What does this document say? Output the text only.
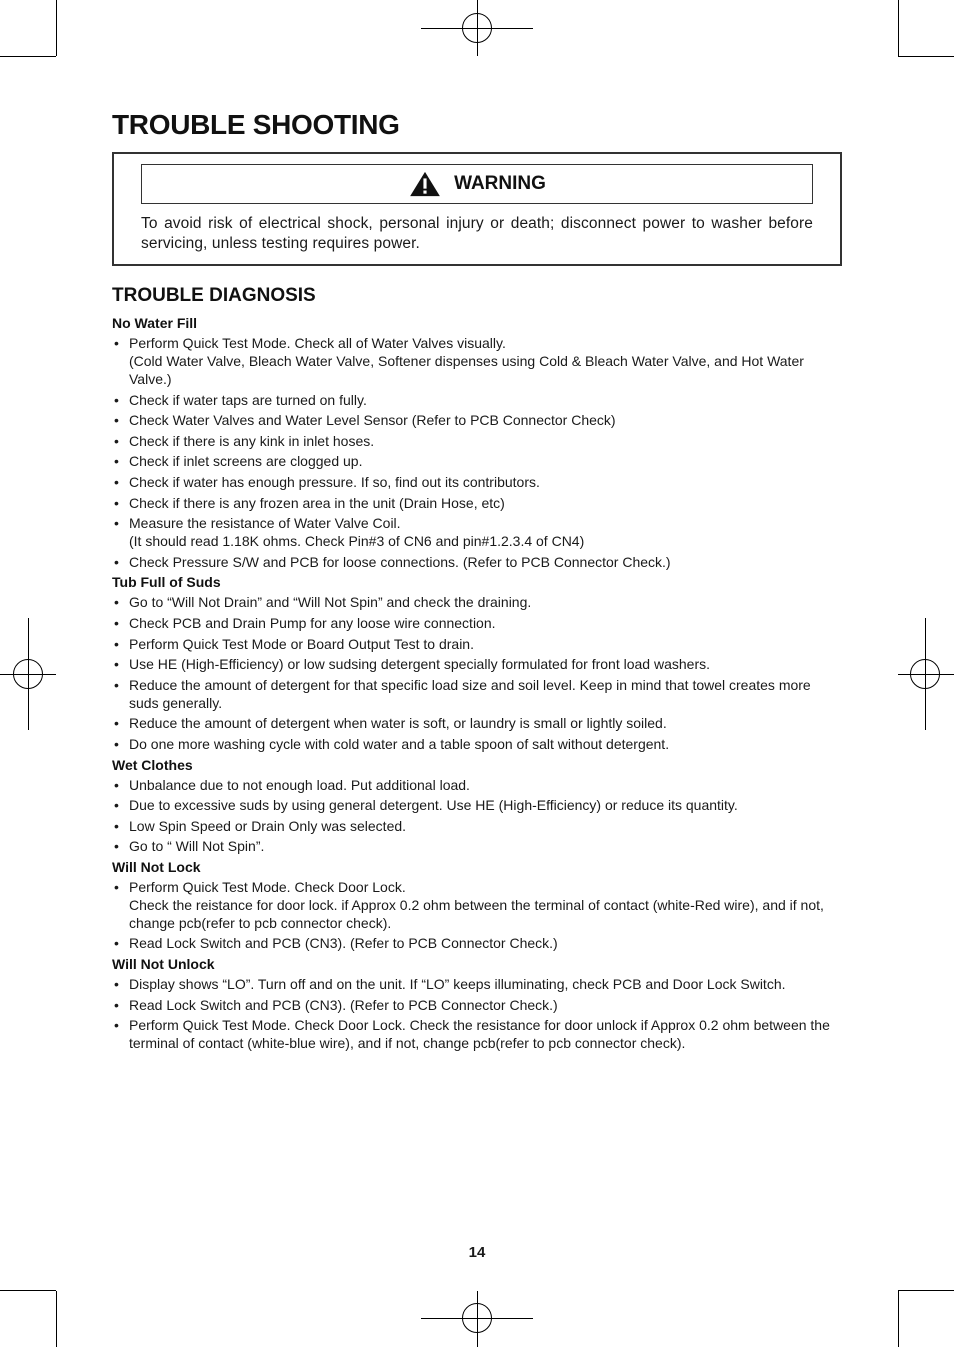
TROUBLE SHOOTING
WARNING
To avoid risk of electrical shock, personal injury or death; disconnect power to washer before servicing, unless testing requires power.
TROUBLE DIAGNOSIS
No Water Fill
• Perform Quick Test Mode. Check all of Water Valves visually.
(Cold Water Valve, Bleach Water Valve, Softener dispenses using Cold & Bleach Water Valve, and Hot Water Valve.)
• Check if water taps are turned on fully.
• Check Water Valves and Water Level Sensor (Refer to PCB Connector Check)
• Check if there is any kink in inlet hoses.
• Check if inlet screens are clogged up.
• Check if water has enough pressure. If so, find out its contributors.
• Check if there is any frozen area in the unit (Drain Hose, etc)
• Measure the resistance of Water Valve Coil.
(It should read 1.18K ohms. Check Pin#3 of CN6 and pin#1.2.3.4 of CN4)
• Check Pressure S/W and PCB for loose connections. (Refer to PCB Connector Check.)
Tub Full of Suds
• Go to “Will Not Drain” and “Will Not Spin” and check the draining.
• Check PCB and Drain Pump for any loose wire connection.
• Perform Quick Test Mode or Board Output Test to drain.
• Use HE (High-Efficiency) or low sudsing detergent specially formulated for front load washers.
• Reduce the amount of detergent for that specific load size and soil level. Keep in mind that towel creates more suds generally.
• Reduce the amount of detergent when water is soft, or laundry is small or lightly soiled.
• Do one more washing cycle with cold water and a table spoon of salt without detergent.
Wet Clothes
• Unbalance due to not enough load. Put additional load.
• Due to excessive suds by using general detergent. Use HE (High-Efficiency) or reduce its quantity.
• Low Spin Speed or Drain Only was selected.
• Go to “ Will Not Spin”.
Will Not Lock
• Perform Quick Test Mode. Check Door Lock.
Check the reistance for door lock. if Approx 0.2 ohm between the terminal of contact (white-Red wire), and if not, change pcb(refer to pcb connector check).
• Read Lock Switch and PCB (CN3). (Refer to PCB Connector Check.)
Will Not Unlock
• Display shows “LO”. Turn off and on the unit. If “LO” keeps illuminating, check PCB and Door Lock Switch.
• Read Lock Switch and PCB (CN3). (Refer to PCB Connector Check.)
• Perform Quick Test Mode. Check Door Lock. Check the resistance for door unlock if Approx 0.2 ohm between the terminal of contact (white-blue wire), and if not, change pcb(refer to pcb connector check).
14
